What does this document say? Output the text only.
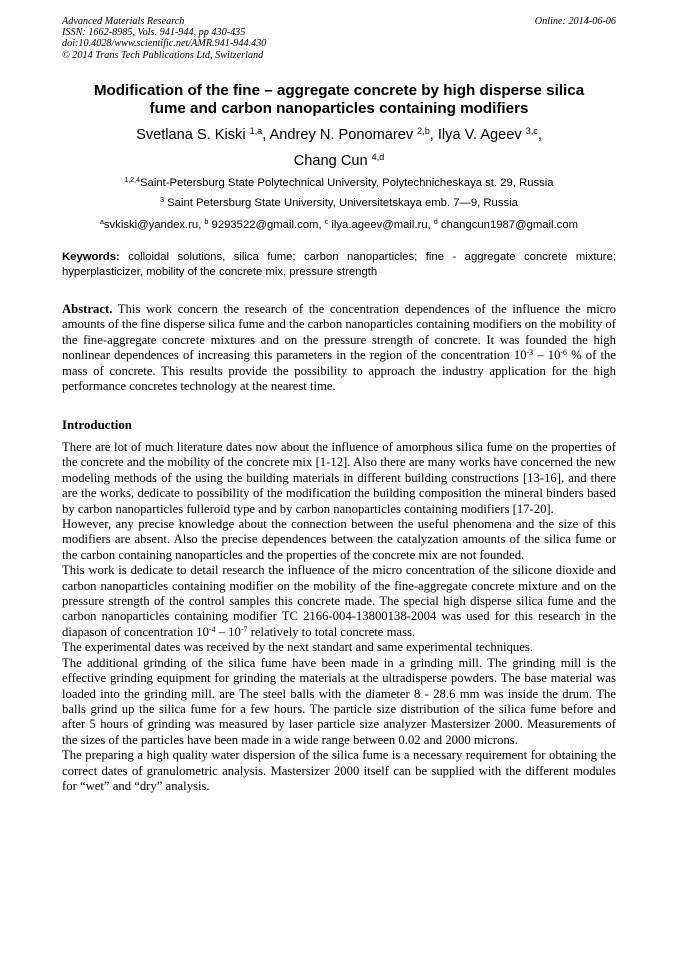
Advanced Materials Research
ISSN: 1662-8985, Vols. 941-944, pp 430-435
doi:10.4028/www.scientific.net/AMR.941-944.430
© 2014 Trans Tech Publications Ltd, Switzerland
Online: 2014-06-06
Modification of the fine – aggregate concrete by high disperse silica
fume and carbon nanoparticles containing modifiers
Svetlana S. Kiski $^{1,a}$, Andrey N. Ponomarev $^{2,b}$, Ilya V. Ageev $^{3,c}$,
Chang Cun $^{4,d}$
$^{1,2,4}$Saint-Petersburg State Polytechnical University, Polytechnicheskaya st. 29, Russia
$^3$ Saint Petersburg State University, Universitetskaya emb. 7—9, Russia
$^a$svkiski@yandex.ru, $^b$ 9293522@gmail.com, $^c$ ilya.ageev@mail.ru, $^d$ changcun1987@gmail.com
Keywords: colloidal solutions, silica fume; carbon nanoparticles; fine - aggregate concrete mixture; hyperplasticizer, mobility of the concrete mix, pressure strength
Abstract. This work concern the research of the concentration dependences of the influence the micro amounts of the fine disperse silica fume and the carbon nanoparticles containing modifiers on the mobility of the fine-aggregate concrete mixtures and on the pressure strength of concrete. It was founded the high nonlinear dependences of increasing this parameters in the region of the concentration $10^{-3} - 10^{-6}$ % of the mass of concrete. This results provide the possibility to approach the industry application for the high performance concretes technology at the nearest time.
Introduction

There are lot of much literature dates now about the influence of amorphous silica fume on the properties of the concrete and the mobility of the concrete mix [1-12]. Also there are many works have concerned the new modeling methods of the using the building materials in different building constructions [13-16], and there are the works, dedicate to possibility of the modification the building composition the mineral binders based by carbon nanoparticles fulleroid type and by carbon nanoparticles containing modifiers [17-20].

However, any precise knowledge about the connection between the useful phenomena and the size of this modifiers are absent. Also the precise dependences between the catalyzation amounts of the silica fume or the carbon containing nanoparticles and the properties of the concrete mix are not founded.

This work is dedicate to detail research the influence of the micro concentration of the silicone dioxide and carbon nanoparticles containing modifier on the mobility of the fine-aggregate concrete mixture and on the pressure strength of the control samples this concrete made. The special high disperse silica fume and the carbon nanoparticles containing modifier TC 2166-004-13800138-2004 was used for this research in the diapason of concentration $10^{-4} - 10^{-7}$ relatively to total concrete mass.

The experimental dates was received by the next standart and same experimental techniques.

The additional grinding of the silica fume have been made in a grinding mill. The grinding mill is the effective grinding equipment for grinding the materials at the ultradisperse powders. The base material was loaded into the grinding mill. are The steel balls with the diameter 8 - 28.6 mm was inside the drum. The balls grind up the silica fume for a few hours. The particle size distribution of the silica fume before and after 5 hours of grinding was measured by laser particle size analyzer Mastersizer 2000. Measurements of the sizes of the particles have been made in a wide range between 0.02 and 2000 microns.

The preparing a high quality water dispersion of the silica fume is a necessary requirement for obtaining the correct dates of granulometric analysis. Mastersizer 2000 itself can be supplied with the different modules for “wet” and “dry” analysis.
